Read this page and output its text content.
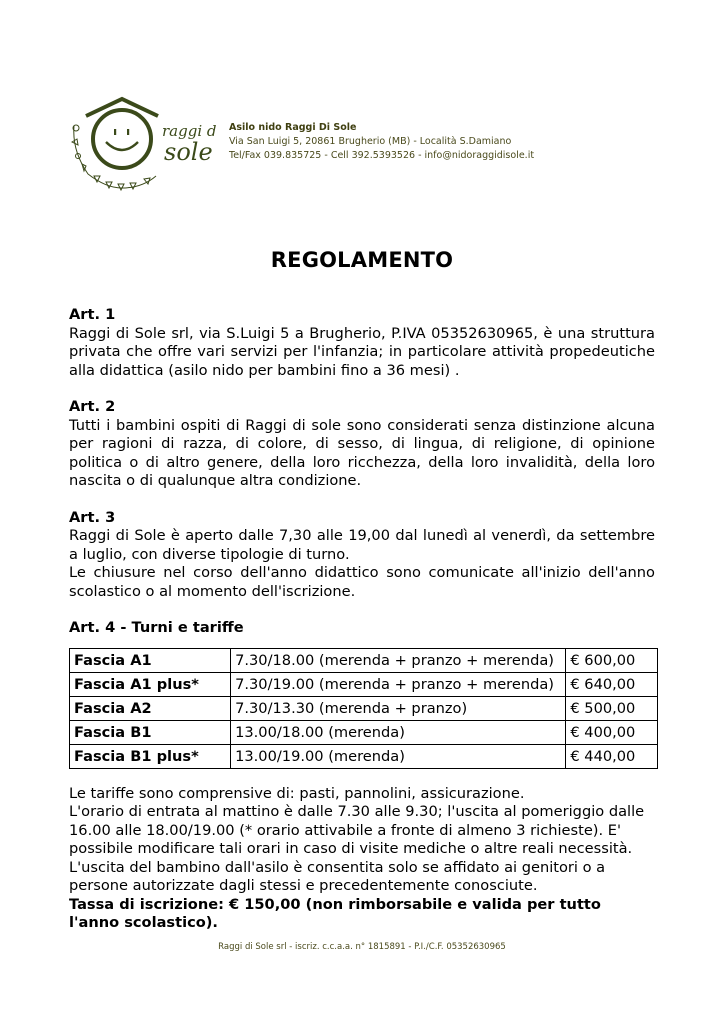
raggi di
sole
Asilo nido Raggi Di Sole
Via San Luigi 5, 20861 Brugherio (MB) - Località S.Damiano
Tel/Fax 039.835725 - Cell 392.5393526 - info@nidoraggidisole.it
REGOLAMENTO

Art. 1

Raggi di Sole srl, via S.Luigi 5 a Brugherio, P.IVA 05352630965, è una struttura privata che offre vari servizi per l'infanzia; in particolare attività propedeutiche alla didattica (asilo nido per bambini fino a 36 mesi) .

Art. 2

Tutti i bambini ospiti di Raggi di sole sono considerati senza distinzione alcuna per ragioni di razza, di colore, di sesso, di lingua, di religione, di opinione politica o di altro genere, della loro ricchezza, della loro invalidità, della loro nascita o di qualunque altra condizione.

Art. 3

Raggi di Sole è aperto dalle 7,30 alle 19,00 dal lunedì al venerdì, da settembre a luglio, con diverse tipologie di turno.

Le chiusure nel corso dell'anno didattico sono comunicate all'inizio dell'anno scolastico o al momento dell'iscrizione.

Art. 4 - Turni e tariffe

Fascia A1	7.30/18.00 (merenda + pranzo + merenda)	€ 600,00
Fascia A1 plus*	7.30/19.00 (merenda + pranzo + merenda)	€ 640,00
Fascia A2	7.30/13.30 (merenda + pranzo)	€ 500,00
Fascia B1	13.00/18.00 (merenda)	€ 400,00
Fascia B1 plus*	13.00/19.00 (merenda)	€ 440,00

Le tariffe sono comprensive di: pasti, pannolini, assicurazione.

L'orario di entrata al mattino è dalle 7.30 alle 9.30; l'uscita al pomeriggio dalle 16.00 alle 18.00/19.00 (* orario attivabile a fronte di almeno 3 richieste). E' possibile modificare tali orari in caso di visite mediche o altre reali necessità.

L'uscita del bambino dall'asilo è consentita solo se affidato ai genitori o a persone autorizzate dagli stessi e precedentemente conosciute.

Tassa di iscrizione: € 150,00 (non rimborsabile e valida per tutto l'anno scolastico).

Raggi di Sole srl - iscriz. c.c.a.a. n° 1815891 - P.I./C.F. 05352630965
